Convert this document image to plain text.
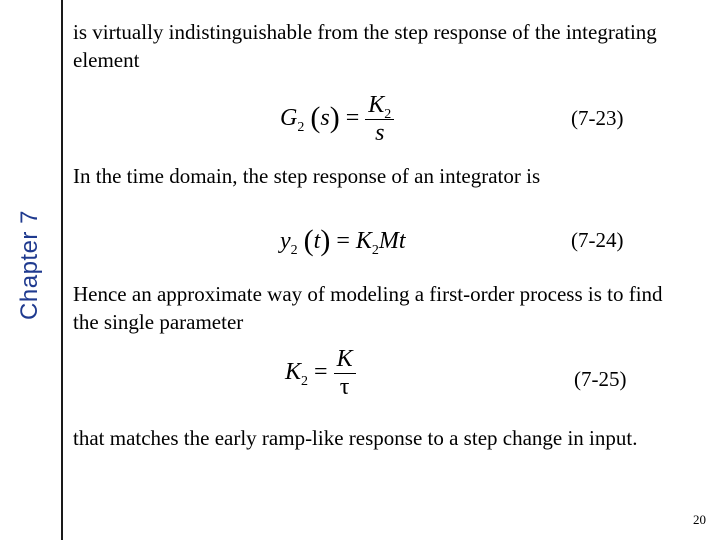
Chapter 7
is virtually indistinguishable from the step response of the integrating element
$G_2$ $(s) = \frac{K_2}{s}$	(7-23)
In the time domain, the step response of an integrator is
$y_2$ $(t) = K_2Mt$	(7-24)
Hence an approximate way of modeling a first-order process is to find the single parameter
$K_2 = \frac{K}{\tau}$	(7-25)
that matches the early ramp-like response to a step change in input.
20
